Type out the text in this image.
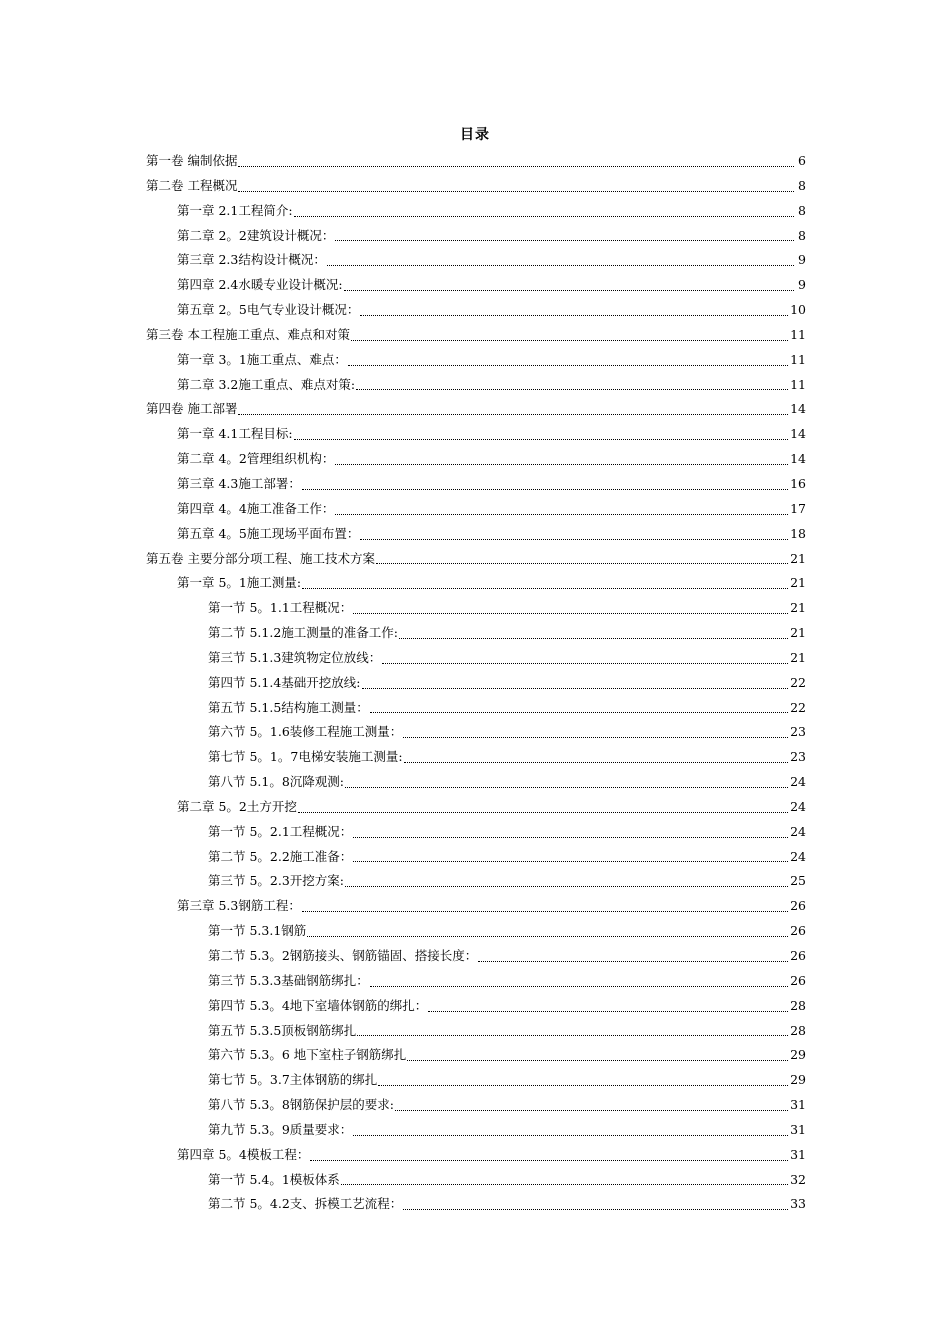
目录
第一卷 编制依据	6
第二卷 工程概况	8
第一章 2.1工程简介:	8
第二章 2。2建筑设计概况：	8
第三章 2.3结构设计概况：	9
第四章 2.4水暖专业设计概况:	9
第五章 2。5电气专业设计概况：	10
第三卷 本工程施工重点、难点和对策	11
第一章 3。1施工重点、难点：	11
第二章 3.2施工重点、难点对策:	11
第四卷 施工部署	14
第一章 4.1工程目标:	14
第二章 4。2管理组织机构：	14
第三章 4.3施工部署：	16
第四章 4。4施工准备工作：	17
第五章 4。5施工现场平面布置：	18
第五卷 主要分部分项工程、施工技术方案	21
第一章 5。1施工测量:	21
第一节 5。1.1工程概况：	21
第二节 5.1.2施工测量的准备工作:	21
第三节 5.1.3建筑物定位放线：	21
第四节 5.1.4基础开挖放线:	22
第五节 5.1.5结构施工测量：	22
第六节 5。1.6装修工程施工测量：	23
第七节 5。1。7电梯安装施工测量:	23
第八节 5.1。8沉降观测:	24
第二章 5。2土方开挖	24
第一节 5。2.1工程概况：	24
第二节 5。2.2施工准备：	24
第三节 5。2.3开挖方案:	25
第三章 5.3钢筋工程：	26
第一节 5.3.1钢筋	26
第二节 5.3。2钢筋接头、钢筋锚固、搭接长度：	26
第三节 5.3.3基础钢筋绑扎：	26
第四节 5.3。4地下室墙体钢筋的绑扎：	28
第五节 5.3.5顶板钢筋绑扎	28
第六节 5.3。6 地下室柱子钢筋绑扎	29
第七节 5。3.7主体钢筋的绑扎	29
第八节 5.3。8钢筋保护层的要求:	31
第九节 5.3。9质量要求：	31
第四章 5。4模板工程：	31
第一节 5.4。1模板体系	32
第二节 5。4.2支、拆模工艺流程：	33
